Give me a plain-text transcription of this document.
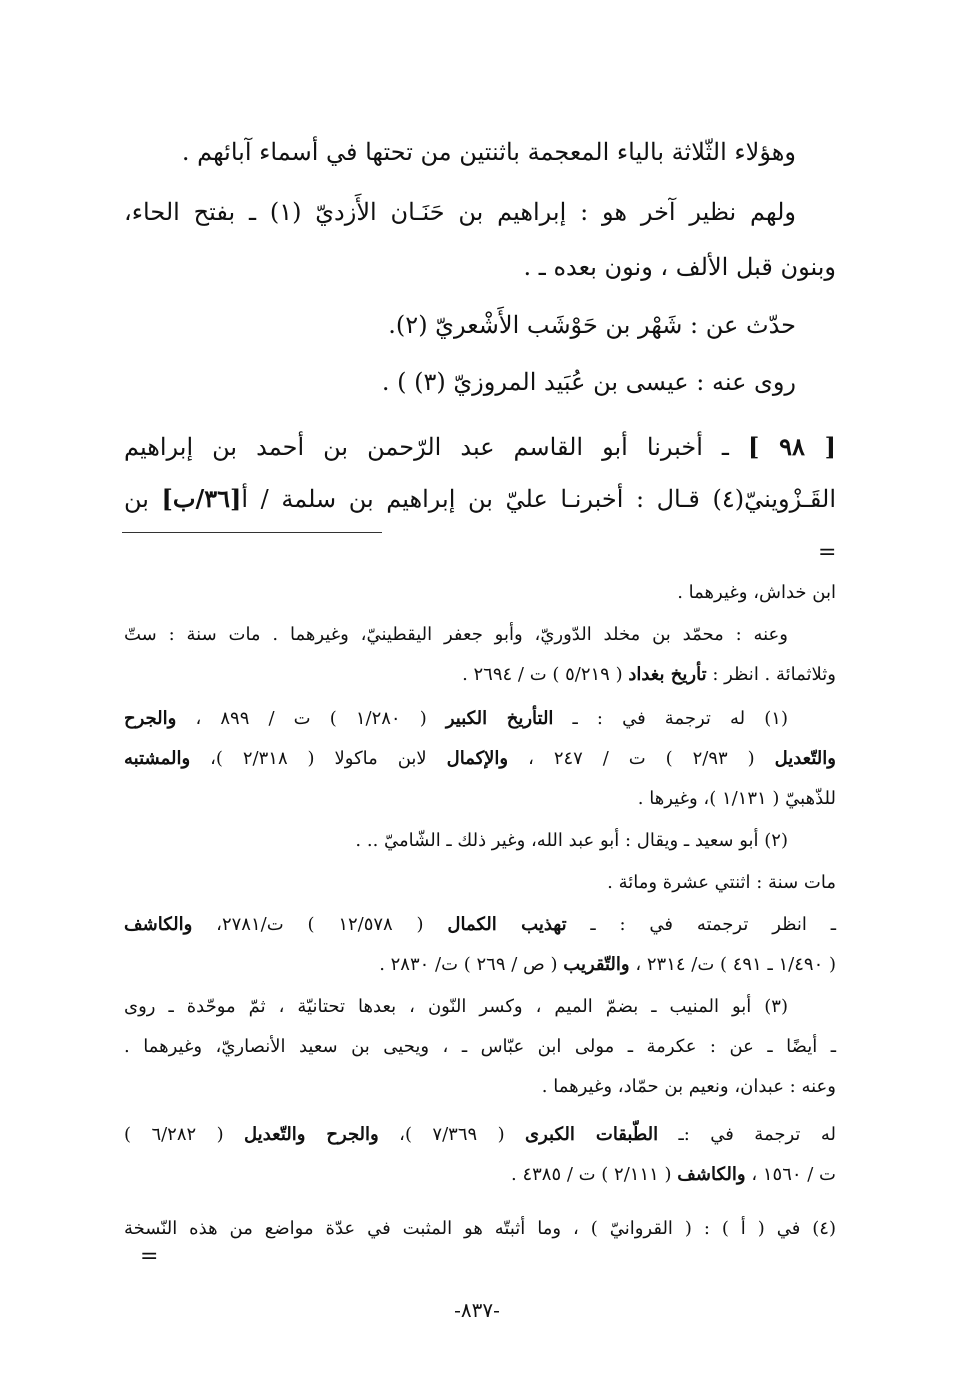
وهؤلاء الثّلاثة بالياء المعجمة باثنتين من تحتها في أسماء آبائهم .
ولهم نظير آخر هو : إبراهيم بن حَنَـان الأَزديّ (١) ـ بفتح الحاء،
وبنون قبل الألف ، ونون بعده ـ .
حدّث عن : شَهْر بن حَوْشَب الأَشْعريّ (٢).
روى عنه : عيسى بن عُبَيد المروزيّ (٣) ) .
[ ٩٨ ] ـ أخبرنا أبو القاسم عبد الرّحمن بن أحمد بن إبراهيم
القَـزْوينيّ(٤) قـال : أخبرنـا عليّ بن إبراهيم بن سلمة / أ[٣٦/ب] بن
=
ابن خداش، وغيرهما .
وعنه : محمّد بن مخلد الدّوريّ، وأبو جعفر اليقطينيّ، وغيرهما . مات سنة : ستّ
وثلاثمائة . انظر : تأريخ بغداد ( ٥/٢١٩ ) ت / ٢٦٩٤ .
(١) له ترجمة في : ـ التأريخ الكبير ( ١/٢٨٠ ) ت / ٨٩٩ ، والجرح
والتّعديل ( ٢/٩٣ ) ت / ٢٤٧ ، والإكمال لابن ماكولا ( ٢/٣١٨ )، والمشتبه
للذّهبيّ ( ١/١٣١ )، وغيرها .
(٢) أبو سعيد ـ ويقال : أبو عبد الله، وغير ذلك ـ الشّاميّ .. .
مات سنة : اثنتي عشرة ومائة .
ـ انظر ترجمته في : ـ تهذيب الكمال ( ١٢/٥٧٨ ) ت/٢٧٨١، والكاشف
( ١/٤٩٠ ـ ٤٩١ ) ت/ ٢٣١٤ ، والتّقريب ( ص / ٢٦٩ ) ت/ ٢٨٣٠ .
(٣) أبو المنيب ـ بضمّ الميم ، وكسر النّون ، بعدها تحتانيّة ، ثمّ موحّدة ـ روى
ـ أيضًا ـ عن : عكرمة ـ مولى ابن عبّاس ـ ، ويحيى بن سعيد الأنصاريّ، وغيرهما .
وعنه : عبدان، ونعيم بن حمّاد، وغيرهما .
له ترجمة في :ـ الطّبقات الكبرى ( ٧/٣٦٩ )، والجرح والتّعديل ( ٦/٢٨٢ )
ت / ١٥٦٠ ، والكاشف ( ٢/١١١ ) ت / ٤٣٨٥ .
(٤) في ( أ ) : ( القروانيّ ) ، وما أثبتّه هو المثبت في عدّة مواضع من هذه النّسخة
=
-٨٣٧-
